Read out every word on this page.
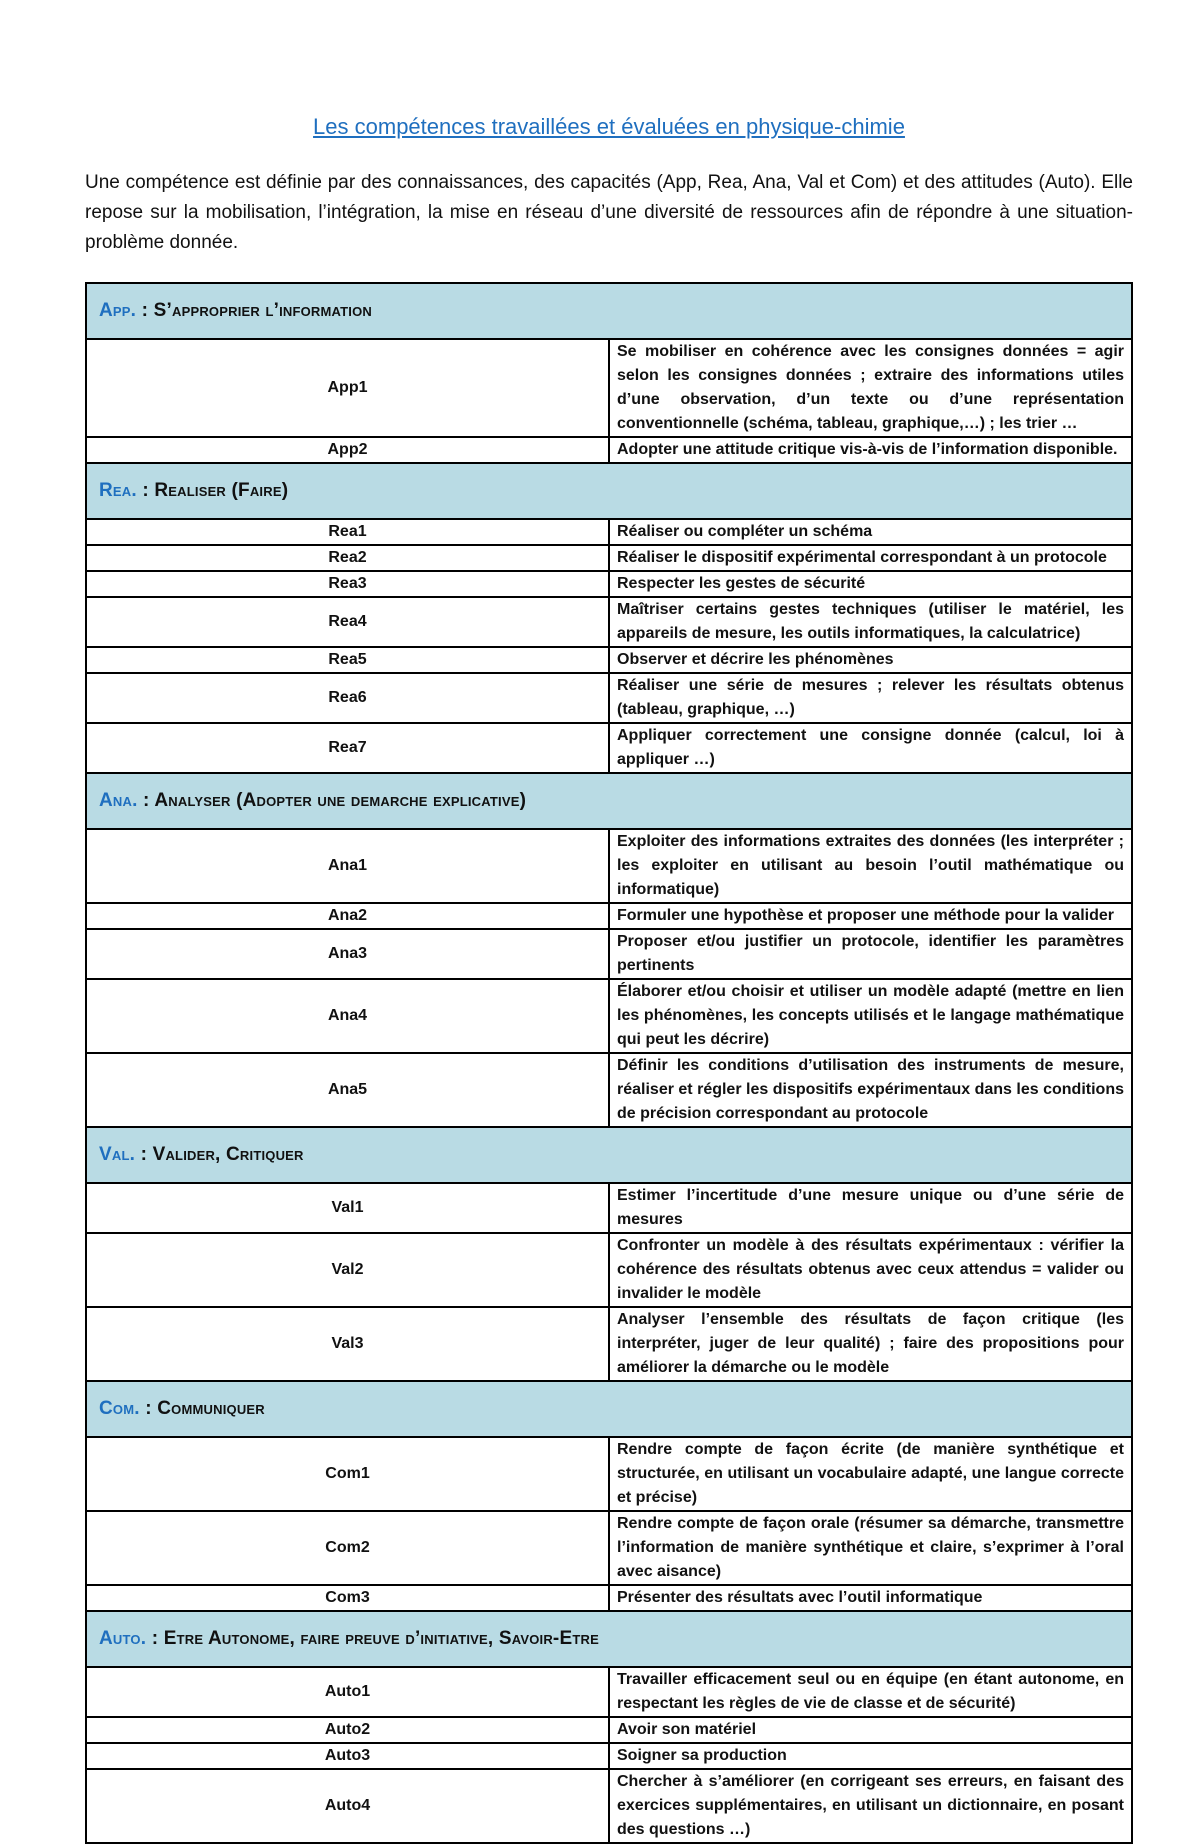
Les compétences travaillées et évaluées en physique-chimie

Une compétence est définie par des connaissances, des capacités (App, Rea, Ana, Val et Com) et des attitudes (Auto). Elle repose sur la mobilisation, l’intégration, la mise en réseau d’une diversité de ressources afin de répondre à une situation-problème donnée.

App. : S’approprier l’information	
App1	Se mobiliser en cohérence avec les consignes données = agir selon les consignes données ; extraire des informations utiles d’une observation, d’un texte ou d’une représentation conventionnelle (schéma, tableau, graphique,…) ; les trier …
App2	Adopter une attitude critique vis-à-vis de l’information disponible.
Rea. : Realiser (Faire)	
Rea1	Réaliser ou compléter un schéma
Rea2	Réaliser le dispositif expérimental correspondant à un protocole
Rea3	Respecter les gestes de sécurité
Rea4	Maîtriser certains gestes techniques (utiliser le matériel, les appareils de mesure, les outils informatiques, la calculatrice)
Rea5	Observer et décrire les phénomènes
Rea6	Réaliser une série de mesures ; relever les résultats obtenus (tableau, graphique, …)
Rea7	Appliquer correctement une consigne donnée (calcul, loi à appliquer …)
Ana. : Analyser (Adopter une demarche explicative)	
Ana1	Exploiter des informations extraites des données (les interpréter ; les exploiter en utilisant au besoin l’outil mathématique ou informatique)
Ana2	Formuler une hypothèse et proposer une méthode pour la valider
Ana3	Proposer et/ou justifier un protocole, identifier les paramètres pertinents
Ana4	Élaborer et/ou choisir et utiliser un modèle adapté (mettre en lien les phénomènes, les concepts utilisés et le langage mathématique qui peut les décrire)
Ana5	Définir les conditions d’utilisation des instruments de mesure, réaliser et régler les dispositifs expérimentaux dans les conditions de précision correspondant au protocole
Val. : Valider, Critiquer	
Val1	Estimer l’incertitude d’une mesure unique ou d’une série de mesures
Val2	Confronter un modèle à des résultats expérimentaux : vérifier la cohérence des résultats obtenus avec ceux attendus = valider ou invalider le modèle
Val3	Analyser l’ensemble des résultats de façon critique (les interpréter, juger de leur qualité) ; faire des propositions pour améliorer la démarche ou le modèle
Com. : Communiquer	
Com1	Rendre compte de façon écrite (de manière synthétique et structurée, en utilisant un vocabulaire adapté, une langue correcte et précise)
Com2	Rendre compte de façon orale (résumer sa démarche, transmettre l’information de manière synthétique et claire, s’exprimer à l’oral avec aisance)
Com3	Présenter des résultats avec l’outil informatique
Auto. : Etre Autonome, faire preuve d’initiative, Savoir-Etre	
Auto1	Travailler efficacement seul ou en équipe (en étant autonome, en respectant les règles de vie de classe et de sécurité)
Auto2	Avoir son matériel
Auto3	Soigner sa production
Auto4	Chercher à s’améliorer (en corrigeant ses erreurs, en faisant des exercices supplémentaires, en utilisant un dictionnaire, en posant des questions …)
